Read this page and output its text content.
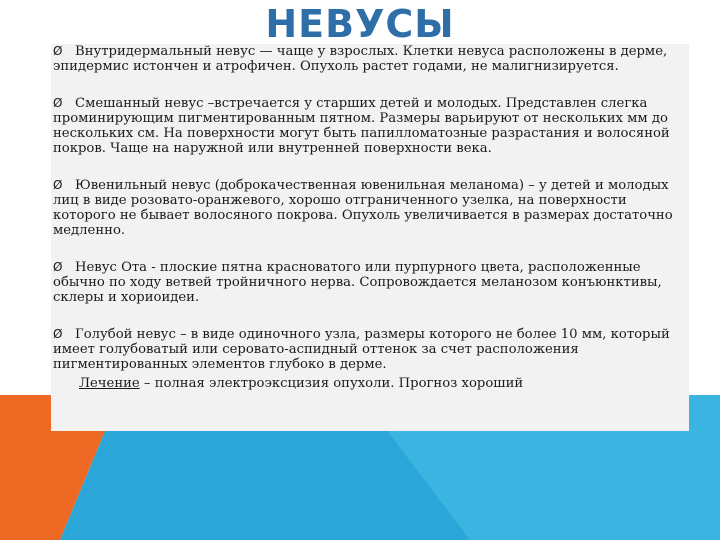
НЕВУСЫ

Ø Внутридермальный невус — чаще у взрослых. Клетки невуса расположены в дерме, эпидермис истончен и атрофичен. Опухоль растет годами, не малигнизируется.

Ø Смешанный невус –встречается у старших детей и молодых. Представлен слегка проминирующим пигментированным пятном. Размеры варьируют от нескольких мм до нескольких см. На поверхности могут быть папилломатозные разрастания и волосяной покров. Чаще на наружной или внутренней поверхности века.

Ø Ювенильный невус (доброкачественная ювенильная меланома) – у детей и молодых лиц в виде розовато-оранжевого, хорошо отграниченного узелка, на поверхности которого не бывает волосяного покрова. Опухоль увеличивается в размерах достаточно медленно.

Ø Невус Ота - плоские пятна красноватого или пурпурного цвета, расположенные обычно по ходу ветвей тройничного нерва. Сопровождается меланозом конъюнктивы, склеры и хориоидеи.

Ø Голубой невус – в виде одиночного узла, размеры которого не более 10 мм, который имеет голубоватый или серовато-аспидный оттенок за счет расположения пигментированных элементов глубоко в дерме.

Лечение – полная электроэксцизия опухоли. Прогноз хороший
